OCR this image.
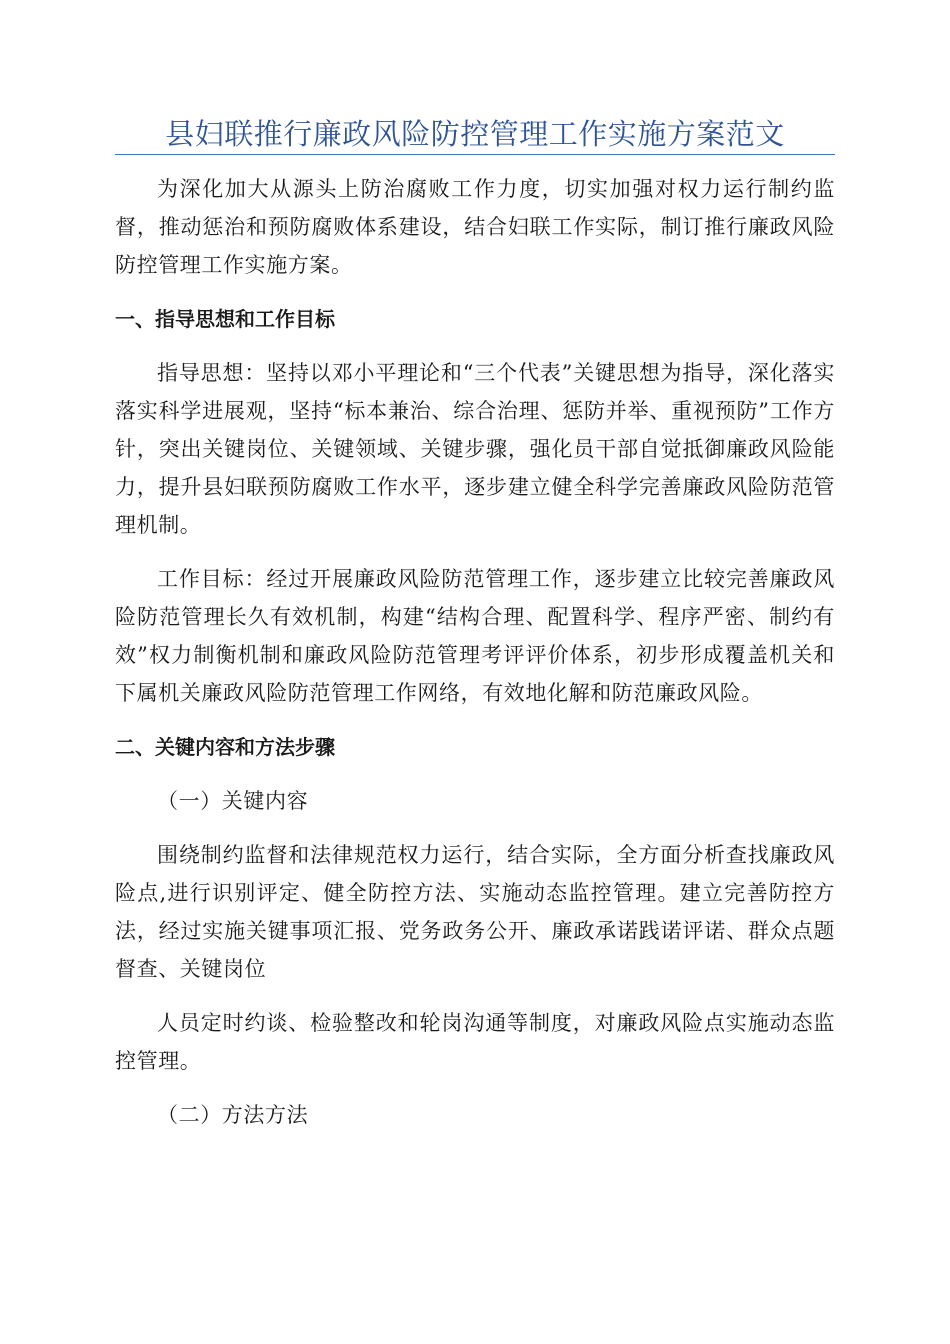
县妇联推行廉政风险防控管理工作实施方案范文

为深化加大从源头上防治腐败工作力度，切实加强对权力运行制约监督，推动惩治和预防腐败体系建设，结合妇联工作实际，制订推行廉政风险防控管理工作实施方案。

一、指导思想和工作目标

指导思想：坚持以邓小平理论和“三个代表”关键思想为指导，深化落实落实科学进展观，坚持“标本兼治、综合治理、惩防并举、重视预防”工作方针，突出关键岗位、关键领域、关键步骤，强化员干部自觉抵御廉政风险能力，提升县妇联预防腐败工作水平，逐步建立健全科学完善廉政风险防范管理机制。

工作目标：经过开展廉政风险防范管理工作，逐步建立比较完善廉政风险防范管理长久有效机制，构建“结构合理、配置科学、程序严密、制约有效”权力制衡机制和廉政风险防范管理考评评价体系，初步形成覆盖机关和下属机关廉政风险防范管理工作网络，有效地化解和防范廉政风险。

二、关键内容和方法步骤
（一）关键内容

围绕制约监督和法律规范权力运行，结合实际，全方面分析查找廉政风险点,进行识别评定、健全防控方法、实施动态监控管理。建立完善防控方法，经过实施关键事项汇报、党务政务公开、廉政承诺践诺评诺、群众点题督查、关键岗位

人员定时约谈、检验整改和轮岗沟通等制度，对廉政风险点实施动态监控管理。

（二）方法方法
